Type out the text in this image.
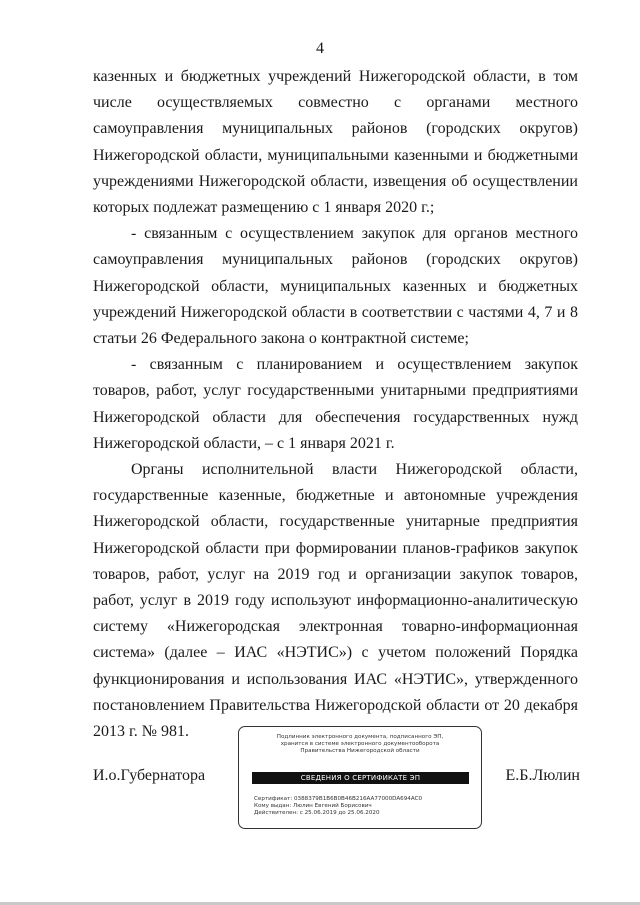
4

казенных и бюджетных учреждений Нижегородской области, в том числе осуществляемых совместно с органами местного самоуправления муниципальных районов (городских округов) Нижегородской области, муниципальными казенными и бюджетными учреждениями Нижегородской области, извещения об осуществлении которых подлежат размещению с 1 января 2020 г.;

- связанным с осуществлением закупок для органов местного самоуправления муниципальных районов (городских округов) Нижегородской области, муниципальных казенных и бюджетных учреждений Нижегородской области в соответствии с частями 4, 7 и 8 статьи 26 Федерального закона о контрактной системе;

- связанным с планированием и осуществлением закупок товаров, работ, услуг государственными унитарными предприятиями Нижегородской области для обеспечения государственных нужд Нижегородской области, – с 1 января 2021 г.

Органы исполнительной власти Нижегородской области, государственные казенные, бюджетные и автономные учреждения Нижегородской области, государственные унитарные предприятия Нижегородской области при формировании планов-графиков закупок товаров, работ, услуг на 2019 год и организации закупок товаров, работ, услуг в 2019 году используют информационно-аналитическую систему «Нижегородская электронная товарно-информационная система» (далее – ИАС «НЭТИС») с учетом положений Порядка функционирования и использования ИАС «НЭТИС», утвержденного постановлением Правительства Нижегородской области от 20 декабря 2013 г. № 981.

И.о.Губернатора	Е.Б.Люлин
Подлинник электронного документа, подписанного ЭП,
хранится в системе электронного документооборота
Правительства Нижегородской области
СВЕДЕНИЯ О СЕРТИФИКАТЕ ЭП
Сертификат: 0388379B1B6B0B46B216AA77000DA694AC0
Кому выдан: Люлин Евгений Борисович
Действителен: с 25.06.2019 до 25.06.2020
